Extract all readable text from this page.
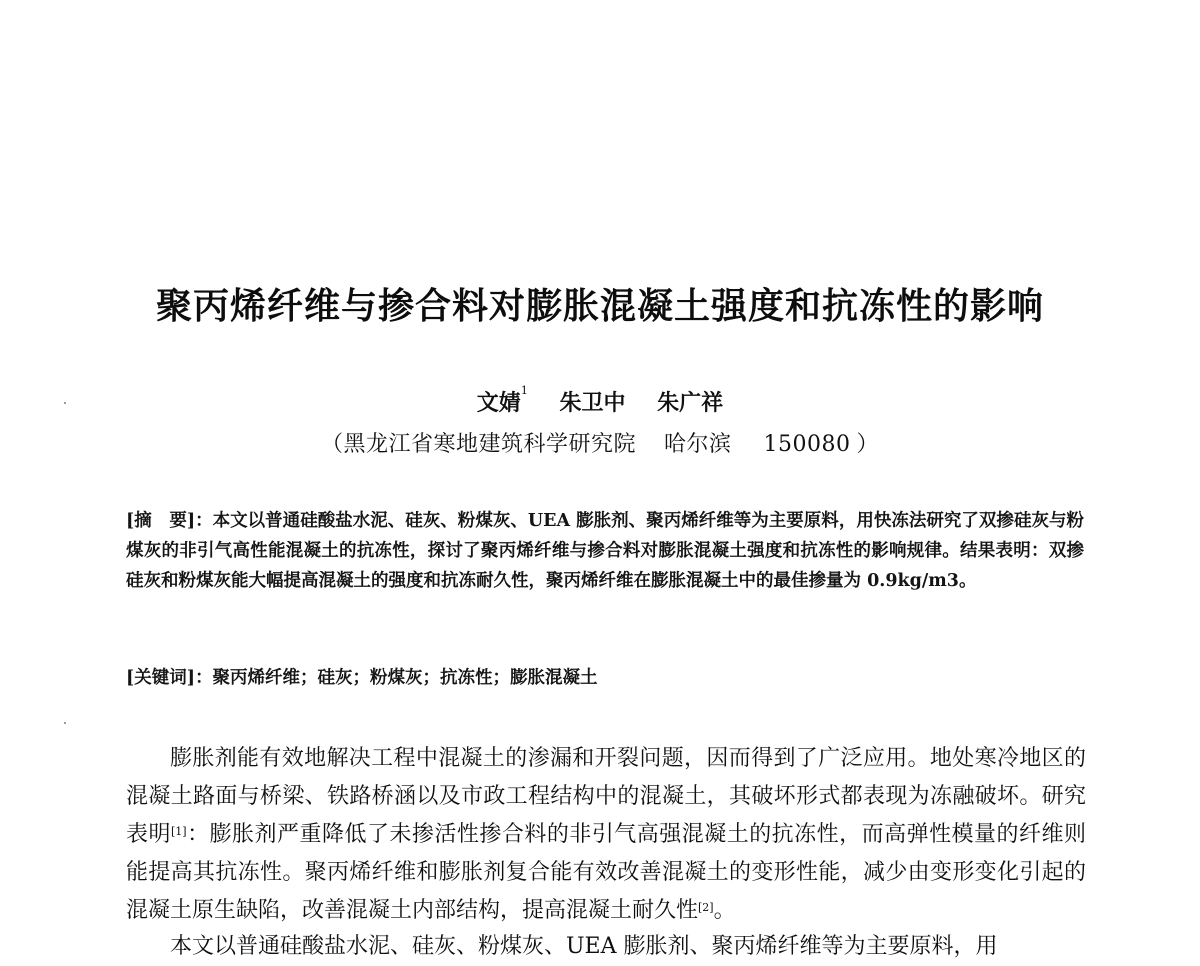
聚丙烯纤维与掺合料对膨胀混凝土强度和抗冻性的影响
文婧$^1$ 朱卫中 朱广祥
（黑龙江省寒地建筑科学研究院 哈尔滨 150080 ）
[摘　要]：本文以普通硅酸盐水泥、硅灰、粉煤灰、UEA 膨胀剂、聚丙烯纤维等为主要原料，用快冻法研究了双掺硅灰与粉煤灰的非引气高性能混凝土的抗冻性，探讨了聚丙烯纤维与掺合料对膨胀混凝土强度和抗冻性的影响规律。结果表明：双掺硅灰和粉煤灰能大幅提高混凝土的强度和抗冻耐久性，聚丙烯纤维在膨胀混凝土中的最佳掺量为 0.9kg/m3。
[关键词]：聚丙烯纤维；硅灰；粉煤灰；抗冻性；膨胀混凝土
膨胀剂能有效地解决工程中混凝土的渗漏和开裂问题，因而得到了广泛应用。地处寒冷地区的混凝土路面与桥梁、铁路桥涵以及市政工程结构中的混凝土，其破坏形式都表现为冻融破坏。研究表明[1]：膨胀剂严重降低了未掺活性掺合料的非引气高强混凝土的抗冻性，而高弹性模量的纤维则能提高其抗冻性。聚丙烯纤维和膨胀剂复合能有效改善混凝土的变形性能，减少由变形变化引起的混凝土原生缺陷，改善混凝土内部结构，提高混凝土耐久性[2]。
本文以普通硅酸盐水泥、硅灰、粉煤灰、UEA 膨胀剂、聚丙烯纤维等为主要原料，用
